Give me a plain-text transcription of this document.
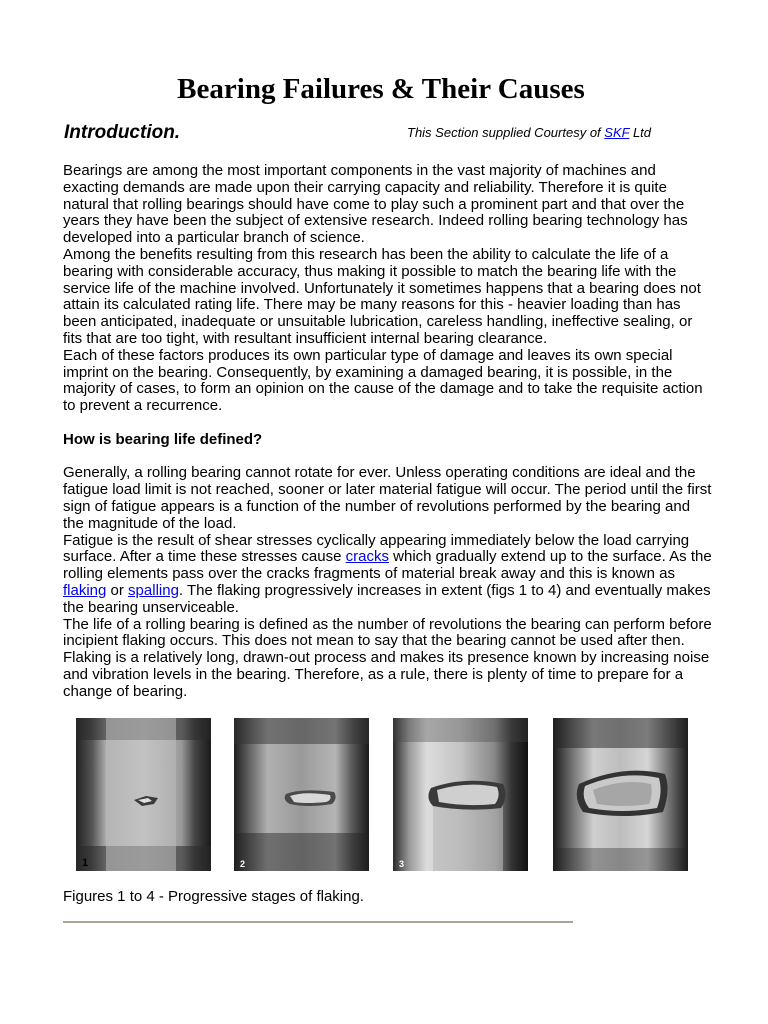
Bearing Failures & Their Causes
Introduction.	This Section supplied Courtesy of SKF Ltd

Bearings are among the most important components in the vast majority of machines and exacting demands are made upon their carrying capacity and reliability. Therefore it is quite natural that rolling bearings should have come to play such a prominent part and that over the years they have been the subject of extensive research. Indeed rolling bearing technology has developed into a particular branch of science.

Among the benefits resulting from this research has been the ability to calculate the life of a bearing with considerable accuracy, thus making it possible to match the bearing life with the service life of the machine involved. Unfortunately it sometimes happens that a bearing does not attain its calculated rating life. There may be many reasons for this - heavier loading than has been anticipated, inadequate or unsuitable lubrication, careless handling, ineffective sealing, or fits that are too tight, with resultant insufficient internal bearing clearance.

Each of these factors produces its own particular type of damage and leaves its own special imprint on the bearing. Consequently, by examining a damaged bearing, it is possible, in the majority of cases, to form an opinion on the cause of the damage and to take the requisite action to prevent a recurrence.

How is bearing life defined?

Generally, a rolling bearing cannot rotate for ever. Unless operating conditions are ideal and the fatigue load limit is not reached, sooner or later material fatigue will occur. The period until the first sign of fatigue appears is a function of the number of revolutions performed by the bearing and the magnitude of the load.

Fatigue is the result of shear stresses cyclically appearing immediately below the load carrying surface. After a time these stresses cause cracks which gradually extend up to the surface. As the rolling elements pass over the cracks fragments of material break away and this is known as flaking or spalling. The flaking progressively increases in extent (figs 1 to 4) and eventually makes the bearing unserviceable.

The life of a rolling bearing is defined as the number of revolutions the bearing can perform before incipient flaking occurs. This does not mean to say that the bearing cannot be used after then. Flaking is a relatively long, drawn-out process and makes its presence known by increasing noise and vibration levels in the bearing. Therefore, as a rule, there is plenty of time to prepare for a change of bearing.

1	2	3
Figures 1 to 4 - Progressive stages of flaking.
